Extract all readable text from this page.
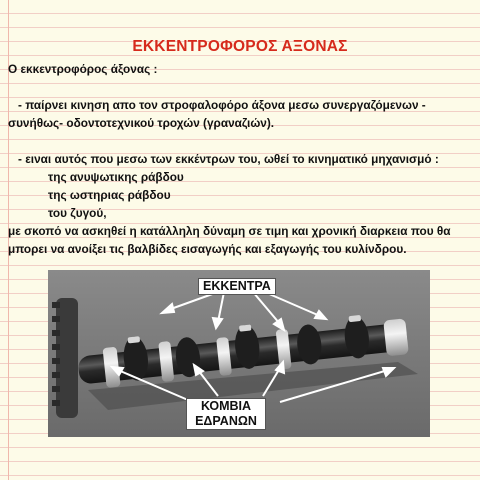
ΕΚΚΕΝΤΡΟΦΟΡΟΣ ΑΞΟΝΑΣ
Ο εκκεντροφόρος άξονας :
- παίρνει κινηση απο τον στροφαλοφόρο άξονα μεσω συνεργαζόμενων -
συνήθως- οδοντοτεχνικού τροχών (γραναζιών).
- ειναι αυτός που μεσω των εκκέντρων του, ωθεί το κινηματικό μηχανισμό :
της ανυψωτικης ράβδου
της ωστηριας ράβδου
του ζυγού,
με σκοπό να ασκηθεί η κατάλληλη δύναμη σε τιμη και χρονική διαρκεια που θα
μπορει να ανοίξει τις βαλβίδες εισαγωγής και εξαγωγής του κυλίνδρου.
ΕΚΚΕΝΤΡΑ
ΚΟΜΒΙΑ
ΕΔΡΑΝΩΝ
